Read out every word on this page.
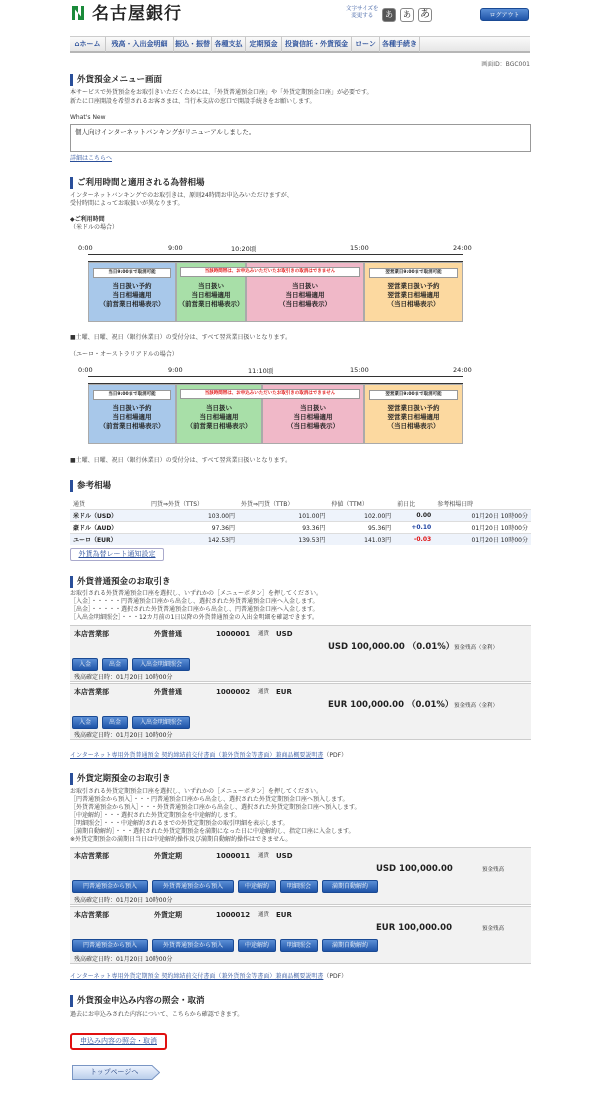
名古屋銀行	文字サイズを
変更する	あ	あ あ	ログアウト
⌂ホーム	残高・入出金明細	振込・振替 各種支払	定期預金	投資信託・外貨預金	ローン 各種手続き
画面ID：BGC001
外貨預金メニュー画面
本サービスで外貨預金をお取引きいただくためには、「外貨普通預金口座」や「外貨定期預金口座」が必要です。
新たに口座開設を希望されるお客さまは、当行本支店の窓口で開設手続きをお願いします。
What's New
個人向けインターネットバンキングがリニューアルしました。
詳細はこちらへ
ご利用時間と適用される為替相場
インターネットバンキングでのお取引きは、原則24時間お申込みいただけますが、
受付時間によってお取扱いが異なります。
◆ご利用時間
（米ドルの場合）
0:00	9:00	10:20頃	15:00	24:00
当日9:00まで取消可能
当日扱い予約
当日相場適用
（前営業日相場表示）
当日扱い
当日相場適用
（前営業日相場表示）
当日扱い
当日相場適用
（当日相場表示）
当該時間帯は、お申込みいただいたお取引きの取消はできません	翌営業日9:00まで取消可能
翌営業日扱い予約
翌営業日相場適用
（当日相場表示）
■土曜、日曜、祝日（銀行休業日）の受付分は、すべて翌営業日扱いとなります。
（ユーロ・オーストラリアドルの場合）
0:00	9:00	11:10頃	15:00	24:00
当日9:00まで取消可能
当日扱い予約
当日相場適用
（前営業日相場表示）
当日扱い
当日相場適用
（前営業日相場表示）
当日扱い
当日相場適用
（当日相場表示）
当該時間帯は、お申込みいただいたお取引きの取消はできません	翌営業日9:00まで取消可能
翌営業日扱い予約
翌営業日相場適用
（当日相場表示）
■土曜、日曜、祝日（銀行休業日）の受付分は、すべて翌営業日扱いとなります。
参考相場
通貨	円貨⇒外貨（TTS）	外貨⇒円貨（TTB）	仲値（TTM）	前日比	参考相場日時
米ドル（USD）	103.00円	101.00円	102.00円	0.00	01月20日 10時00分
豪ドル（AUD）	97.36円	93.36円	95.36円	+0.10	01月20日 10時00分
ユーロ（EUR）	142.53円	139.53円	141.03円	-0.03	01月20日 10時00分
外貨為替レート通知設定
外貨普通預金のお取引き
お取引される外貨普通預金口座を選択し、いずれかの［メニューボタン］を押してください。
［入金］・・・・・円普通預金口座から出金し、選択された外貨普通預金口座へ入金します。
［出金］・・・・・選択された外貨普通預金口座から出金し、円普通預金口座へ入金します。
［入出金明細照会］・・・12カ月前の1日以降の外貨普通預金の入出金明細を確認できます。
本店営業部	外貨普通	1000001 通貨 USD
USD 100,000.00 （0.01%） 預金残高（金利）
入金	出金	入出金明細照会
残高確定日時：01月20日 10時00分
本店営業部	外貨普通	1000002 通貨 EUR
EUR 100,000.00 （0.01%） 預金残高（金利）
入金	出金	入出金明細照会
残高確定日時：01月20日 10時00分
インターネット専用外貨普通預金 契約締結前交付書面（兼外貨預金等書面）兼商品概要説明書（PDF）
外貨定期預金のお取引き
お取引される外貨定期預金口座を選択し、いずれかの［メニューボタン］を押してください。
［円普通預金から預入］・・・円普通預金口座から出金し、選択された外貨定期預金口座へ預入します。
［外貨普通預金から預入］・・・外貨普通預金口座から出金し、選択された外貨定期預金口座へ預入します。
［中途解約］・・・選択された外貨定期預金を中途解約します。
［明細照会］・・・中途解約されるまでの外貨定期預金の取引明細を表示します。
［満期自動解約］・・・選択された外貨定期預金を満期になった日に中途解約し、指定口座に入金します。
※外貨定期預金の満期日当日は中途解約操作及び満期自動解約操作はできません。
本店営業部	外貨定期	1000011 通貨 USD
USD 100,000.00	預金残高
円普通預金から預入	外貨普通預金から預入	中途解約	明細照会	満期自動解約
残高確定日時：01月20日 10時00分
本店営業部	外貨定期	1000012 通貨 EUR
EUR 100,000.00	預金残高
円普通預金から預入	外貨普通預金から預入	中途解約	明細照会	満期自動解約
残高確定日時：01月20日 10時00分
インターネット専用外貨定期預金 契約締結前交付書面（兼外貨預金等書面）兼商品概要説明書（PDF）
外貨預金申込み内容の照会・取消
過去にお申込みされた内容について、こちらから確認できます。
申込み内容の照会・取消
トップページへ
